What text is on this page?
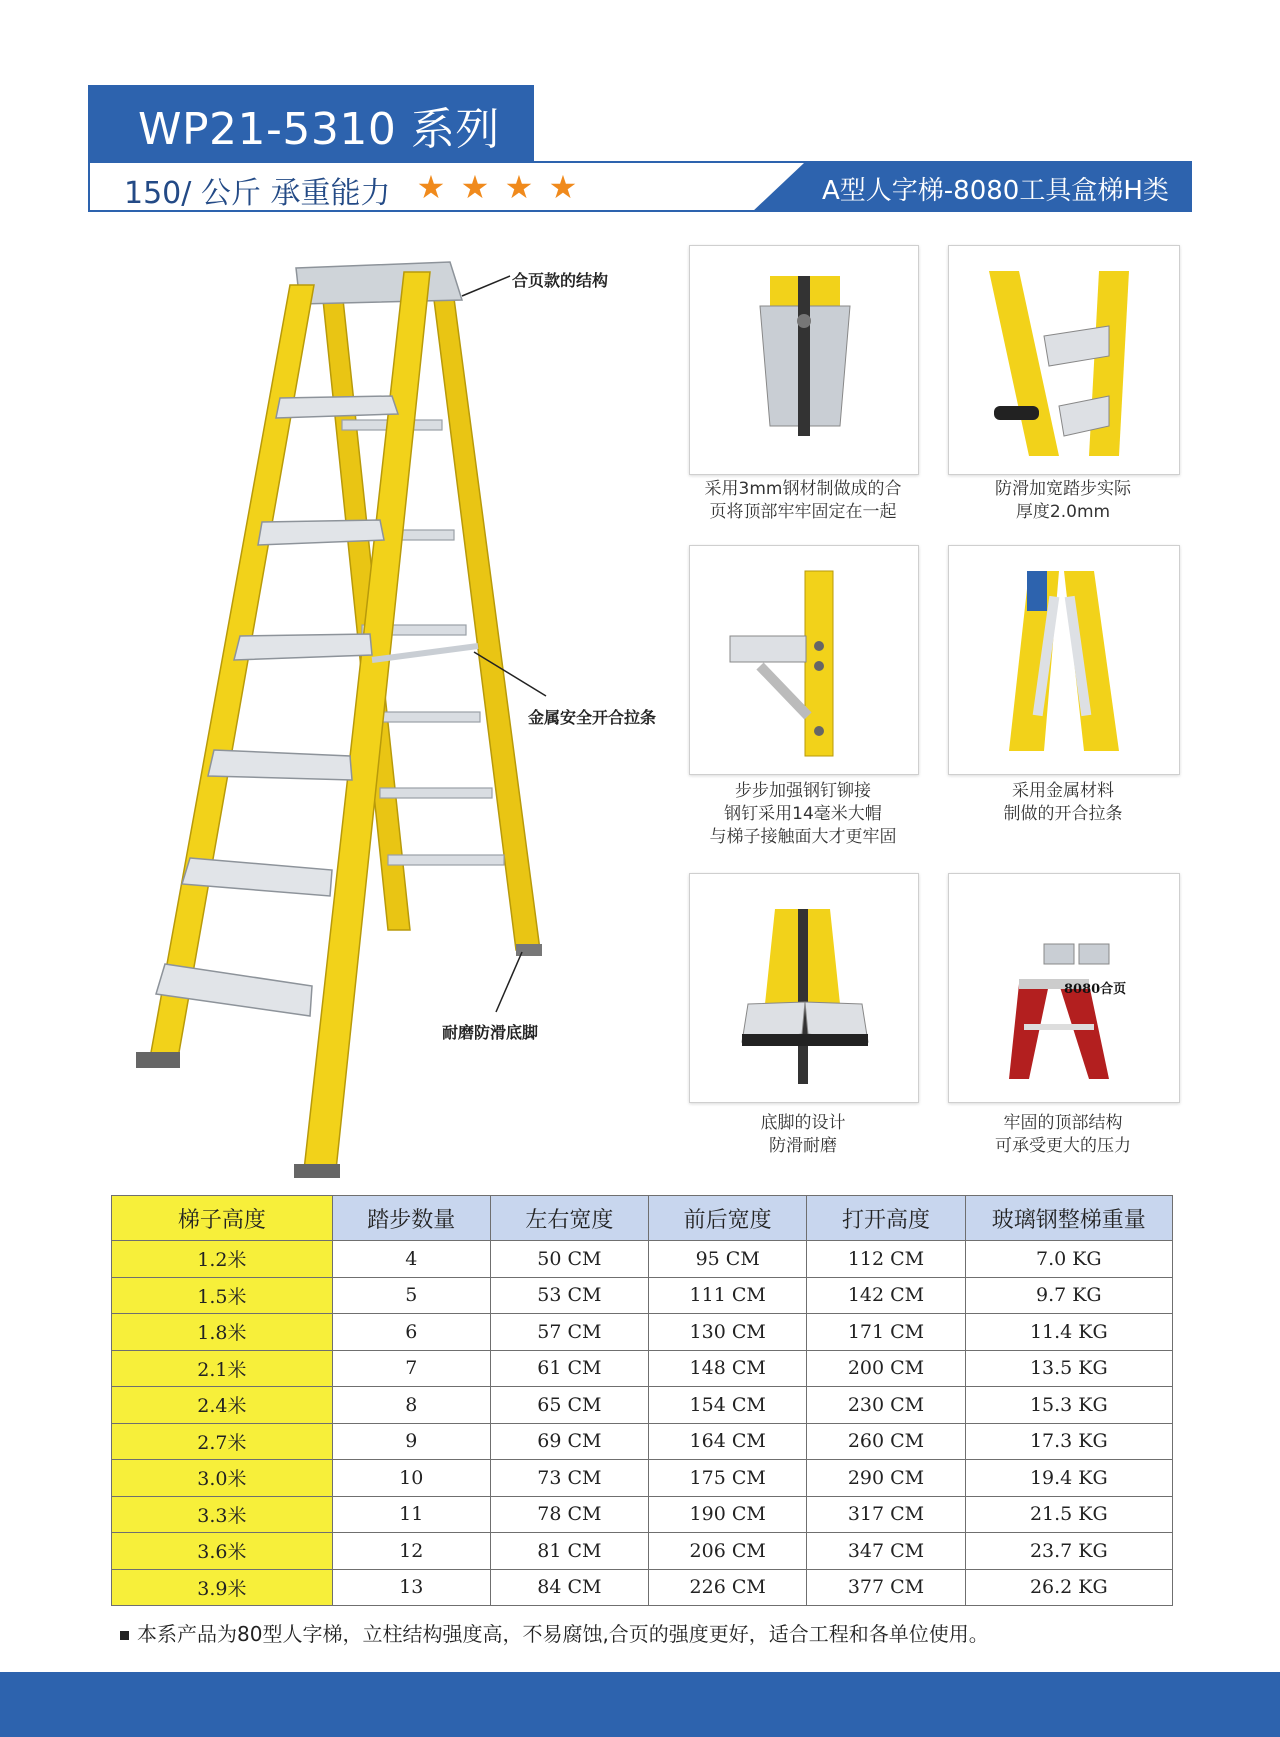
WP21-5310 系列
150/ 公斤 承重能力 ★ ★ ★ ★	A型人字梯-8080工具盒梯H类
合页款的结构
金属安全开合拉条
耐磨防滑底脚
采用3mm钢材制做成的合
页将顶部牢牢固定在一起
防滑加宽踏步实际
厚度2.0mm
步步加强钢钉铆接
钢钉采用14毫米大帽
与梯子接触面大才更牢固
采用金属材料
制做的开合拉条
底脚的设计
防滑耐磨
8080合页
牢固的顶部结构
可承受更大的压力
梯子高度	踏步数量	左右宽度	前后宽度	打开高度	玻璃钢整梯重量
1.2米	4	50 CM	95 CM	112 CM	7.0 KG
1.5米	5	53 CM	111 CM	142 CM	9.7 KG
1.8米	6	57 CM	130 CM	171 CM	11.4 KG
2.1米	7	61 CM	148 CM	200 CM	13.5 KG
2.4米	8	65 CM	154 CM	230 CM	15.3 KG
2.7米	9	69 CM	164 CM	260 CM	17.3 KG
3.0米	10	73 CM	175 CM	290 CM	19.4 KG
3.3米	11	78 CM	190 CM	317 CM	21.5 KG
3.6米	12	81 CM	206 CM	347 CM	23.7 KG
3.9米	13	84 CM	226 CM	377 CM	26.2 KG
本系产品为80型人字梯，立柱结构强度高，不易腐蚀,合页的强度更好，适合工程和各单位使用。
